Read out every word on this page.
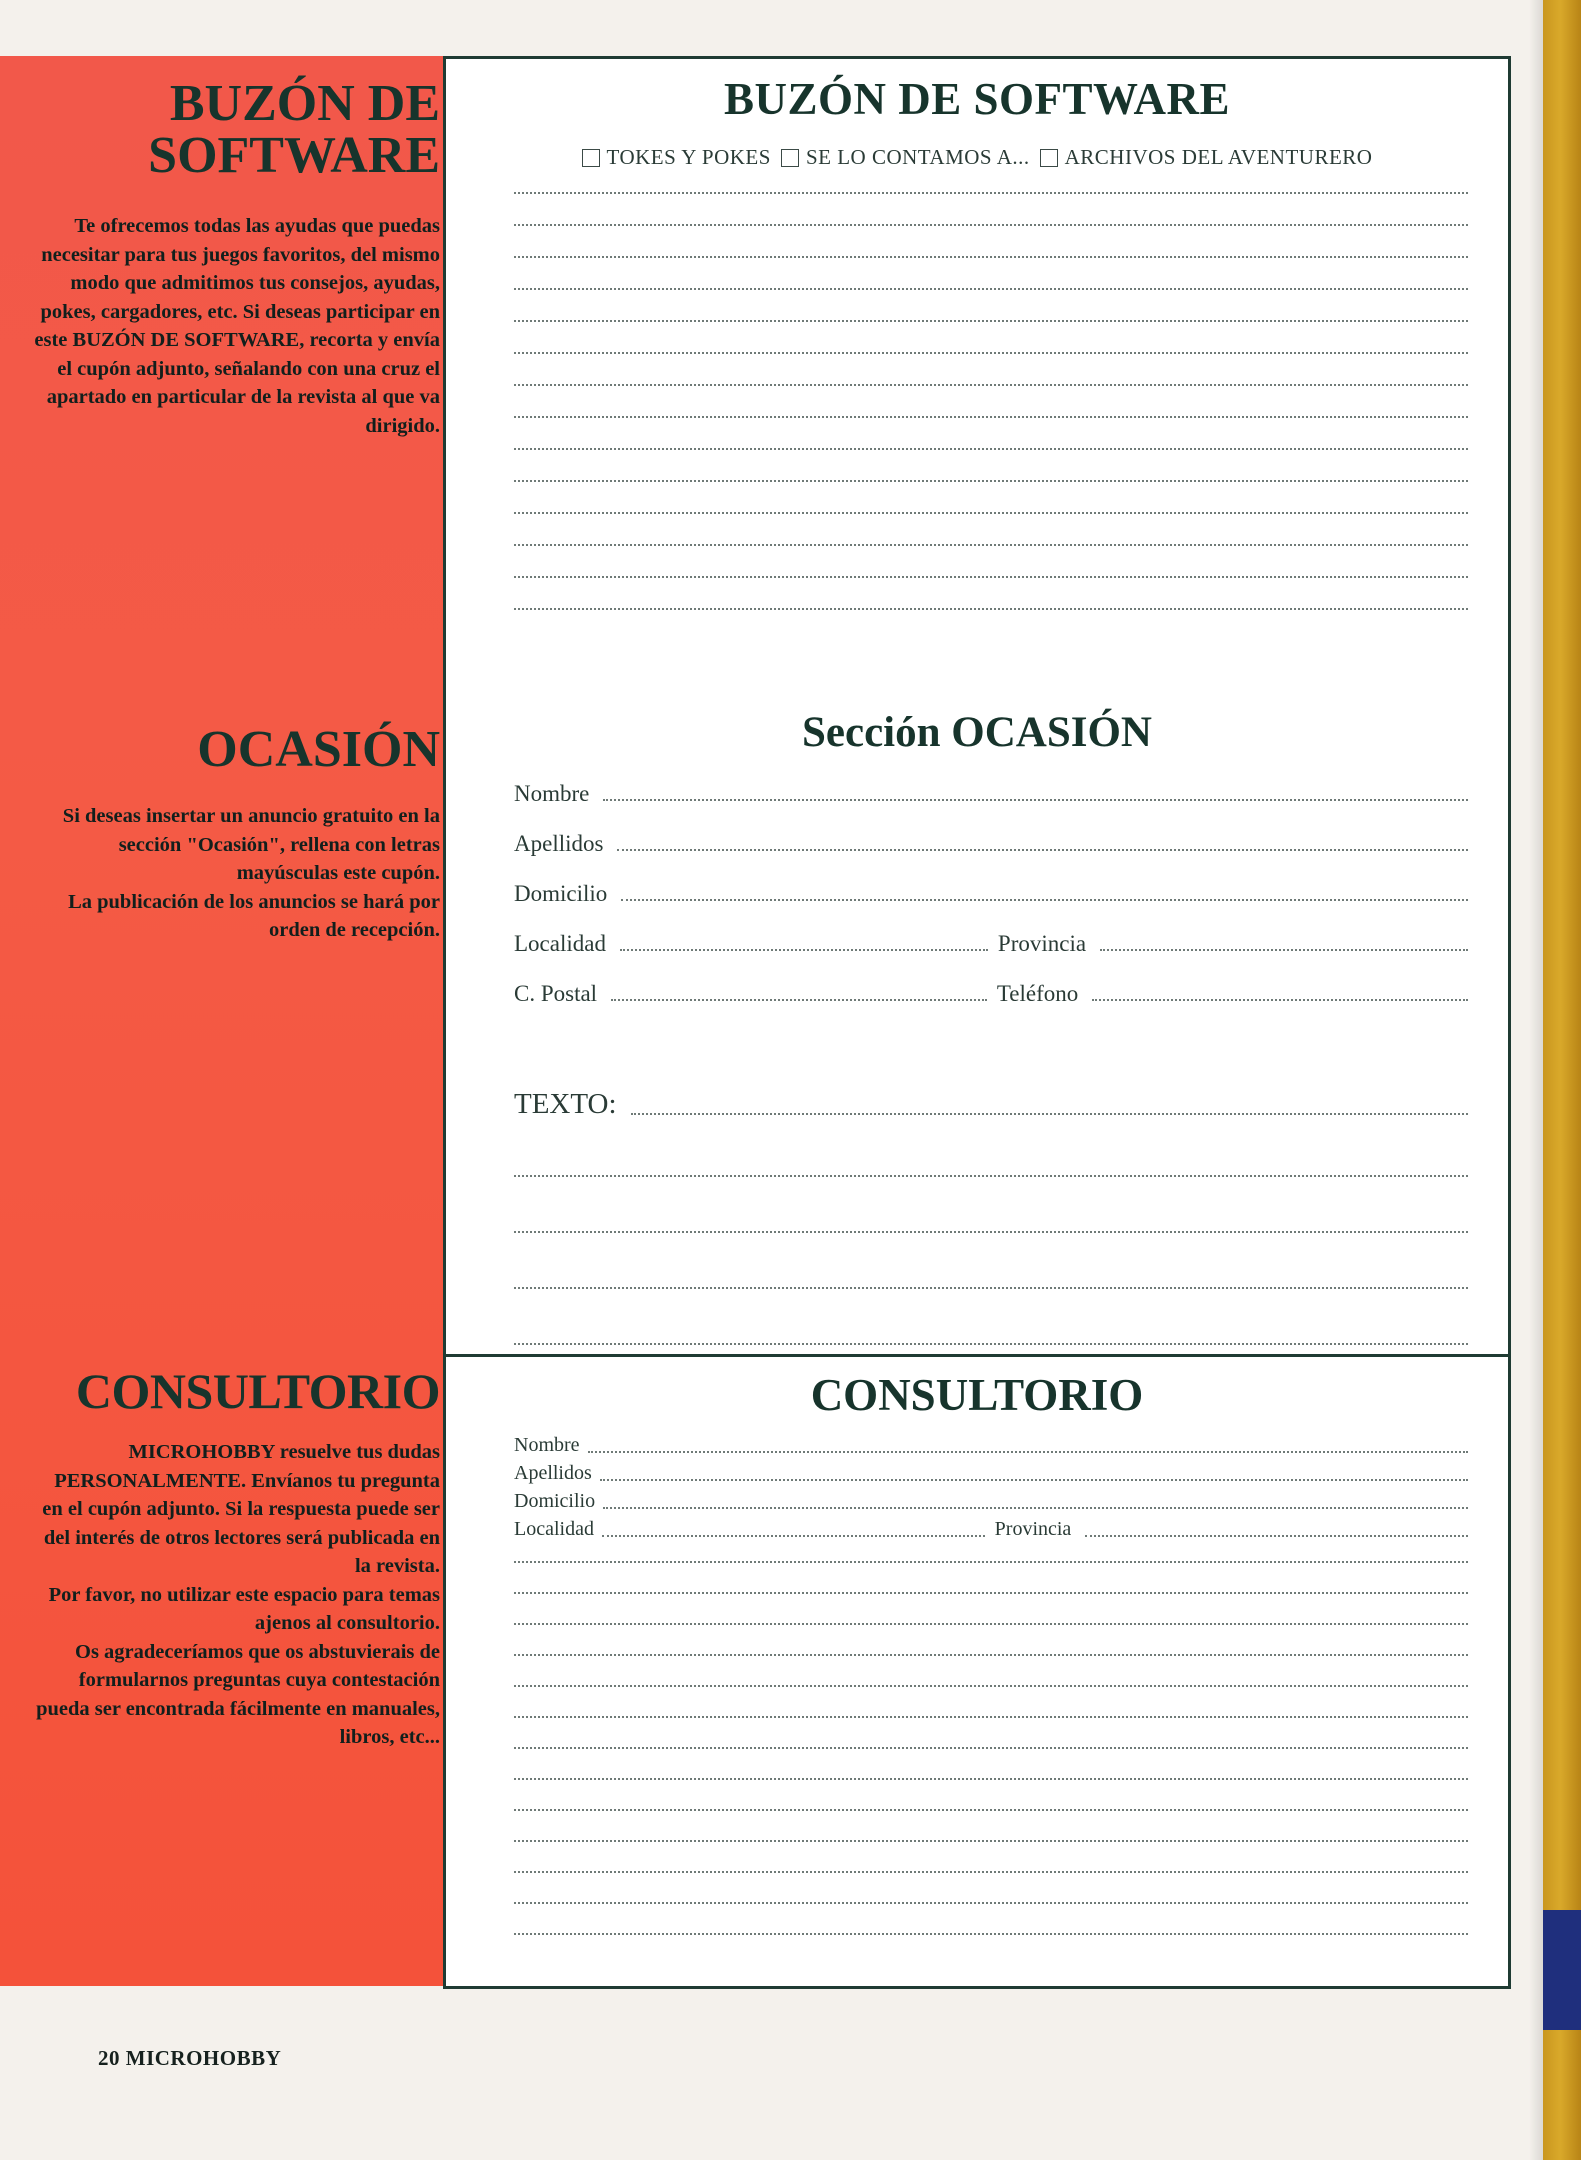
BUZÓN DE
SOFTWARE

Te ofrecemos todas las ayudas que puedas necesitar para tus juegos favoritos, del mismo modo que admitimos tus consejos, ayudas, pokes, cargadores, etc. Si deseas participar en este BUZÓN DE SOFTWARE, recorta y envía el cupón adjunto, señalando con una cruz el apartado en particular de la revista al que va dirigido.

OCASIÓN

Si deseas insertar un anuncio gratuito en la sección "Ocasión", rellena con letras mayúsculas este cupón.

La publicación de los anuncios se hará por orden de recepción.

CONSULTORIO

MICROHOBBY resuelve tus dudas PERSONALMENTE. Envíanos tu pregunta en el cupón adjunto. Si la respuesta puede ser del interés de otros lectores será publicada en la revista.

Por favor, no utilizar este espacio para temas ajenos al consultorio.

Os agradeceríamos que os abstuvierais de formularnos preguntas cuya contestación pueda ser encontrada fácilmente en manuales, libros, etc...

BUZÓN DE SOFTWARE
TOKES Y POKES SE LO CONTAMOS A... ARCHIVOS DEL AVENTURERO
Sección OCASIÓN
Nombre
Apellidos
Domicilio
Localidad	Provincia
C. Postal	Teléfono
TEXTO:
CONSULTORIO
Nombre
Apellidos
Domicilio
Localidad	Provincia
20 MICROHOBBY
